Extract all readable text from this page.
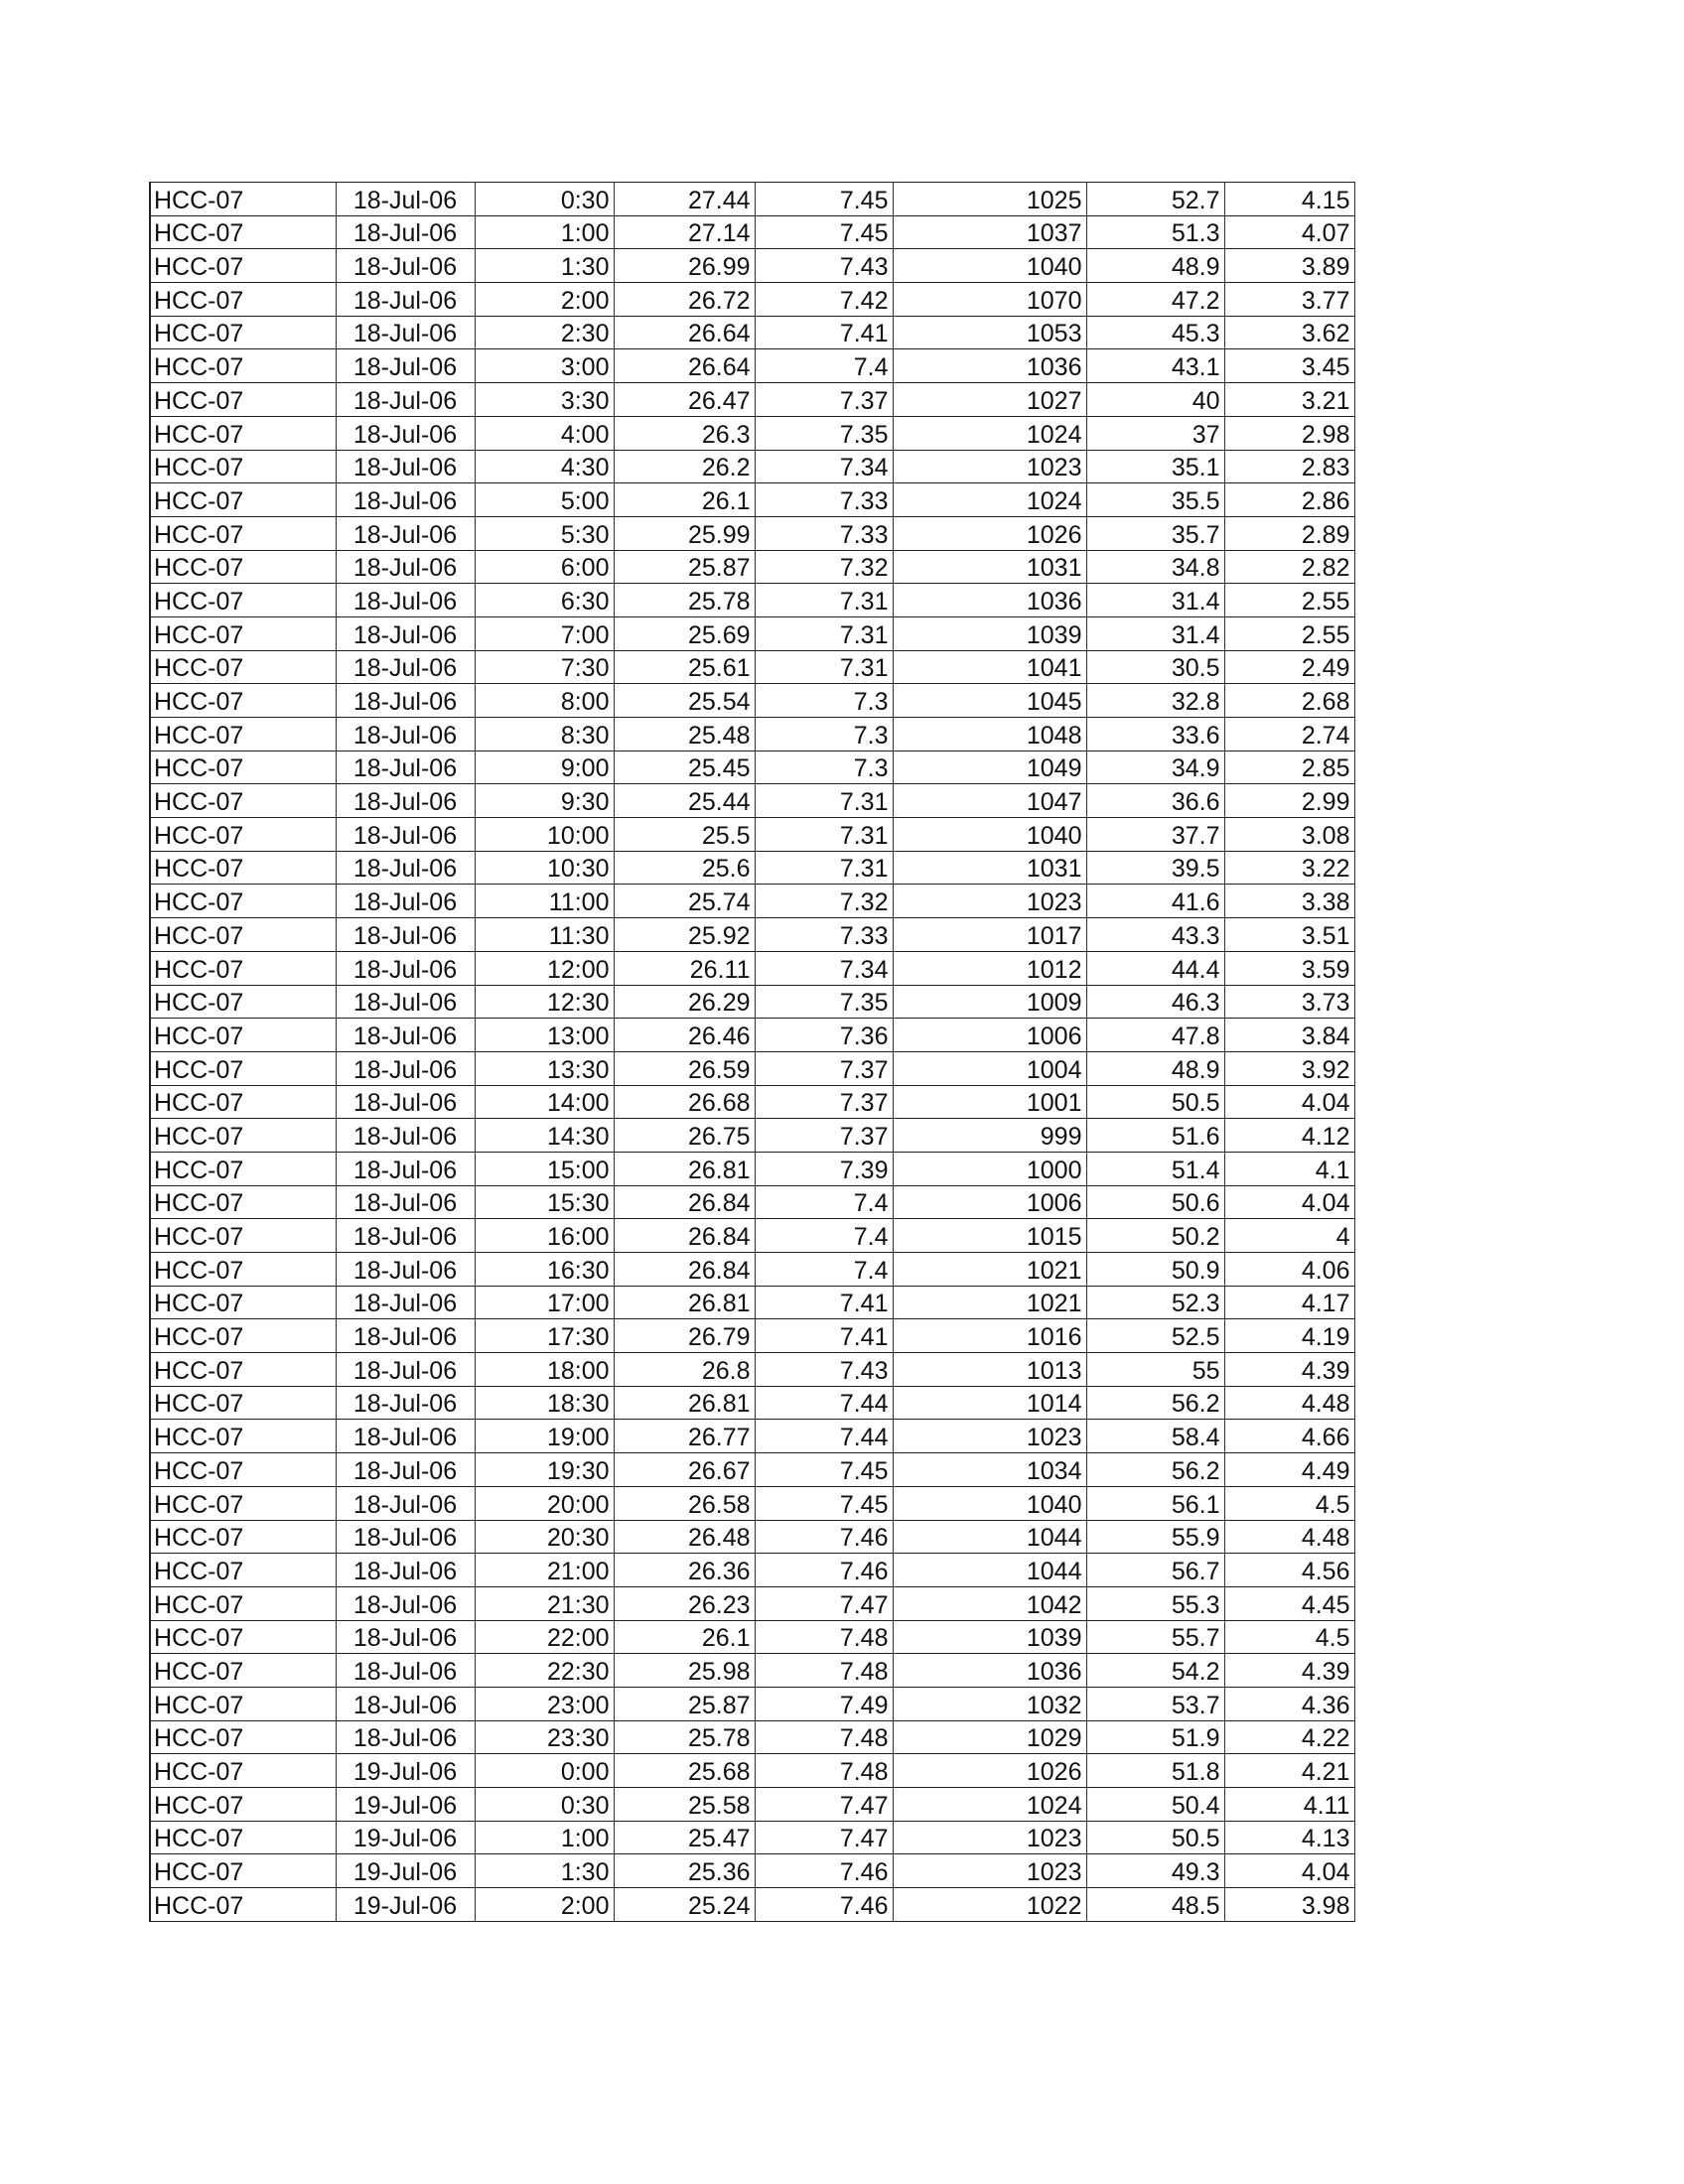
HCC-07	18-Jul-06	0:30	27.44	7.45	1025	52.7	4.15
HCC-07	18-Jul-06	1:00	27.14	7.45	1037	51.3	4.07
HCC-07	18-Jul-06	1:30	26.99	7.43	1040	48.9	3.89
HCC-07	18-Jul-06	2:00	26.72	7.42	1070	47.2	3.77
HCC-07	18-Jul-06	2:30	26.64	7.41	1053	45.3	3.62
HCC-07	18-Jul-06	3:00	26.64	7.4	1036	43.1	3.45
HCC-07	18-Jul-06	3:30	26.47	7.37	1027	40	3.21
HCC-07	18-Jul-06	4:00	26.3	7.35	1024	37	2.98
HCC-07	18-Jul-06	4:30	26.2	7.34	1023	35.1	2.83
HCC-07	18-Jul-06	5:00	26.1	7.33	1024	35.5	2.86
HCC-07	18-Jul-06	5:30	25.99	7.33	1026	35.7	2.89
HCC-07	18-Jul-06	6:00	25.87	7.32	1031	34.8	2.82
HCC-07	18-Jul-06	6:30	25.78	7.31	1036	31.4	2.55
HCC-07	18-Jul-06	7:00	25.69	7.31	1039	31.4	2.55
HCC-07	18-Jul-06	7:30	25.61	7.31	1041	30.5	2.49
HCC-07	18-Jul-06	8:00	25.54	7.3	1045	32.8	2.68
HCC-07	18-Jul-06	8:30	25.48	7.3	1048	33.6	2.74
HCC-07	18-Jul-06	9:00	25.45	7.3	1049	34.9	2.85
HCC-07	18-Jul-06	9:30	25.44	7.31	1047	36.6	2.99
HCC-07	18-Jul-06	10:00	25.5	7.31	1040	37.7	3.08
HCC-07	18-Jul-06	10:30	25.6	7.31	1031	39.5	3.22
HCC-07	18-Jul-06	11:00	25.74	7.32	1023	41.6	3.38
HCC-07	18-Jul-06	11:30	25.92	7.33	1017	43.3	3.51
HCC-07	18-Jul-06	12:00	26.11	7.34	1012	44.4	3.59
HCC-07	18-Jul-06	12:30	26.29	7.35	1009	46.3	3.73
HCC-07	18-Jul-06	13:00	26.46	7.36	1006	47.8	3.84
HCC-07	18-Jul-06	13:30	26.59	7.37	1004	48.9	3.92
HCC-07	18-Jul-06	14:00	26.68	7.37	1001	50.5	4.04
HCC-07	18-Jul-06	14:30	26.75	7.37	999	51.6	4.12
HCC-07	18-Jul-06	15:00	26.81	7.39	1000	51.4	4.1
HCC-07	18-Jul-06	15:30	26.84	7.4	1006	50.6	4.04
HCC-07	18-Jul-06	16:00	26.84	7.4	1015	50.2	4
HCC-07	18-Jul-06	16:30	26.84	7.4	1021	50.9	4.06
HCC-07	18-Jul-06	17:00	26.81	7.41	1021	52.3	4.17
HCC-07	18-Jul-06	17:30	26.79	7.41	1016	52.5	4.19
HCC-07	18-Jul-06	18:00	26.8	7.43	1013	55	4.39
HCC-07	18-Jul-06	18:30	26.81	7.44	1014	56.2	4.48
HCC-07	18-Jul-06	19:00	26.77	7.44	1023	58.4	4.66
HCC-07	18-Jul-06	19:30	26.67	7.45	1034	56.2	4.49
HCC-07	18-Jul-06	20:00	26.58	7.45	1040	56.1	4.5
HCC-07	18-Jul-06	20:30	26.48	7.46	1044	55.9	4.48
HCC-07	18-Jul-06	21:00	26.36	7.46	1044	56.7	4.56
HCC-07	18-Jul-06	21:30	26.23	7.47	1042	55.3	4.45
HCC-07	18-Jul-06	22:00	26.1	7.48	1039	55.7	4.5
HCC-07	18-Jul-06	22:30	25.98	7.48	1036	54.2	4.39
HCC-07	18-Jul-06	23:00	25.87	7.49	1032	53.7	4.36
HCC-07	18-Jul-06	23:30	25.78	7.48	1029	51.9	4.22
HCC-07	19-Jul-06	0:00	25.68	7.48	1026	51.8	4.21
HCC-07	19-Jul-06	0:30	25.58	7.47	1024	50.4	4.11
HCC-07	19-Jul-06	1:00	25.47	7.47	1023	50.5	4.13
HCC-07	19-Jul-06	1:30	25.36	7.46	1023	49.3	4.04
HCC-07	19-Jul-06	2:00	25.24	7.46	1022	48.5	3.98
